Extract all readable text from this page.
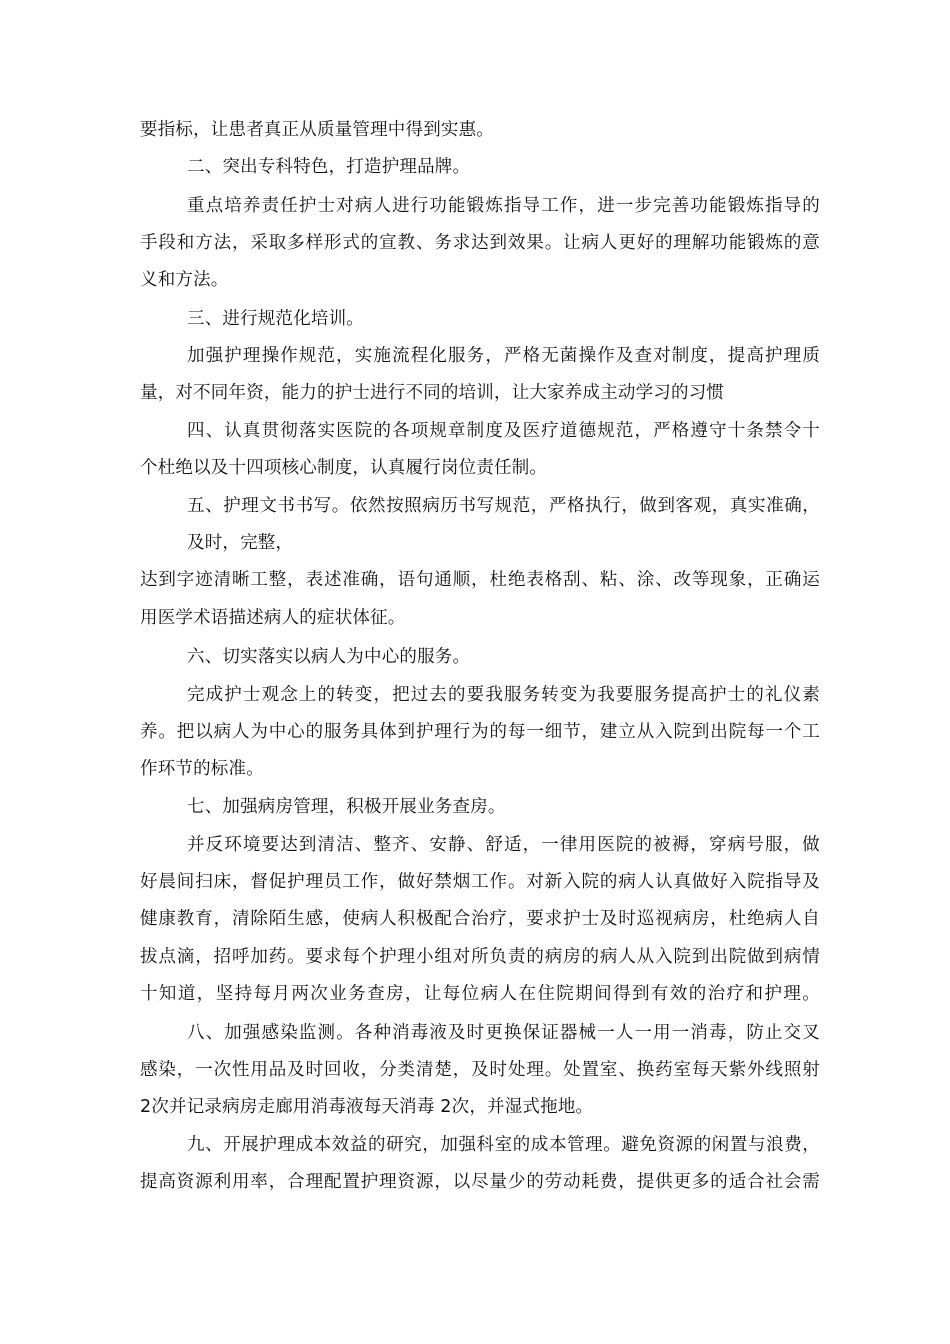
要指标，让患者真正从质量管理中得到实惠。
二、突出专科特色，打造护理品牌。
重点培养责任护士对病人进行功能锻炼指导工作，进一步完善功能锻炼指导的
手段和方法，采取多样形式的宣教、务求达到效果。让病人更好的理解功能锻炼的意
义和方法。
三、进行规范化培训。
加强护理操作规范，实施流程化服务，严格无菌操作及查对制度，提高护理质
量，对不同年资，能力的护士进行不同的培训，让大家养成主动学习的习惯
四、认真贯彻落实医院的各项规章制度及医疗道德规范，严格遵守十条禁令十
个杜绝以及十四项核心制度，认真履行岗位责任制。
五、护理文书书写。依然按照病历书写规范，严格执行，做到客观，真实准确，
及时，完整，
达到字迹清晰工整，表述准确，语句通顺，杜绝表格刮、粘、涂、改等现象，正确运
用医学术语描述病人的症状体征。
六、切实落实以病人为中心的服务。
完成护士观念上的转变，把过去的要我服务转变为我要服务提高护士的礼仪素
养。把以病人为中心的服务具体到护理行为的每一细节，建立从入院到出院每一个工
作环节的标准。
七、加强病房管理，积极开展业务查房。
并反环境要达到清洁、整齐、安静、舒适，一律用医院的被褥，穿病号服，做
好晨间扫床，督促护理员工作，做好禁烟工作。对新入院的病人认真做好入院指导及
健康教育，清除陌生感，使病人积极配合治疗，要求护士及时巡视病房，杜绝病人自
拔点滴，招呼加药。要求每个护理小组对所负责的病房的病人从入院到出院做到病情
十知道，坚持每月两次业务查房，让每位病人在住院期间得到有效的治疗和护理。
八、加强感染监测。各种消毒液及时更换保证器械一人一用一消毒，防止交叉
感染，一次性用品及时回收，分类清楚，及时处理。处置室、换药室每天紫外线照射
2次并记录病房走廊用消毒液每天消毒 2次，并湿式拖地。
九、开展护理成本效益的研究，加强科室的成本管理。避免资源的闲置与浪费，
提高资源利用率，合理配置护理资源，以尽量少的劳动耗费，提供更多的适合社会需
